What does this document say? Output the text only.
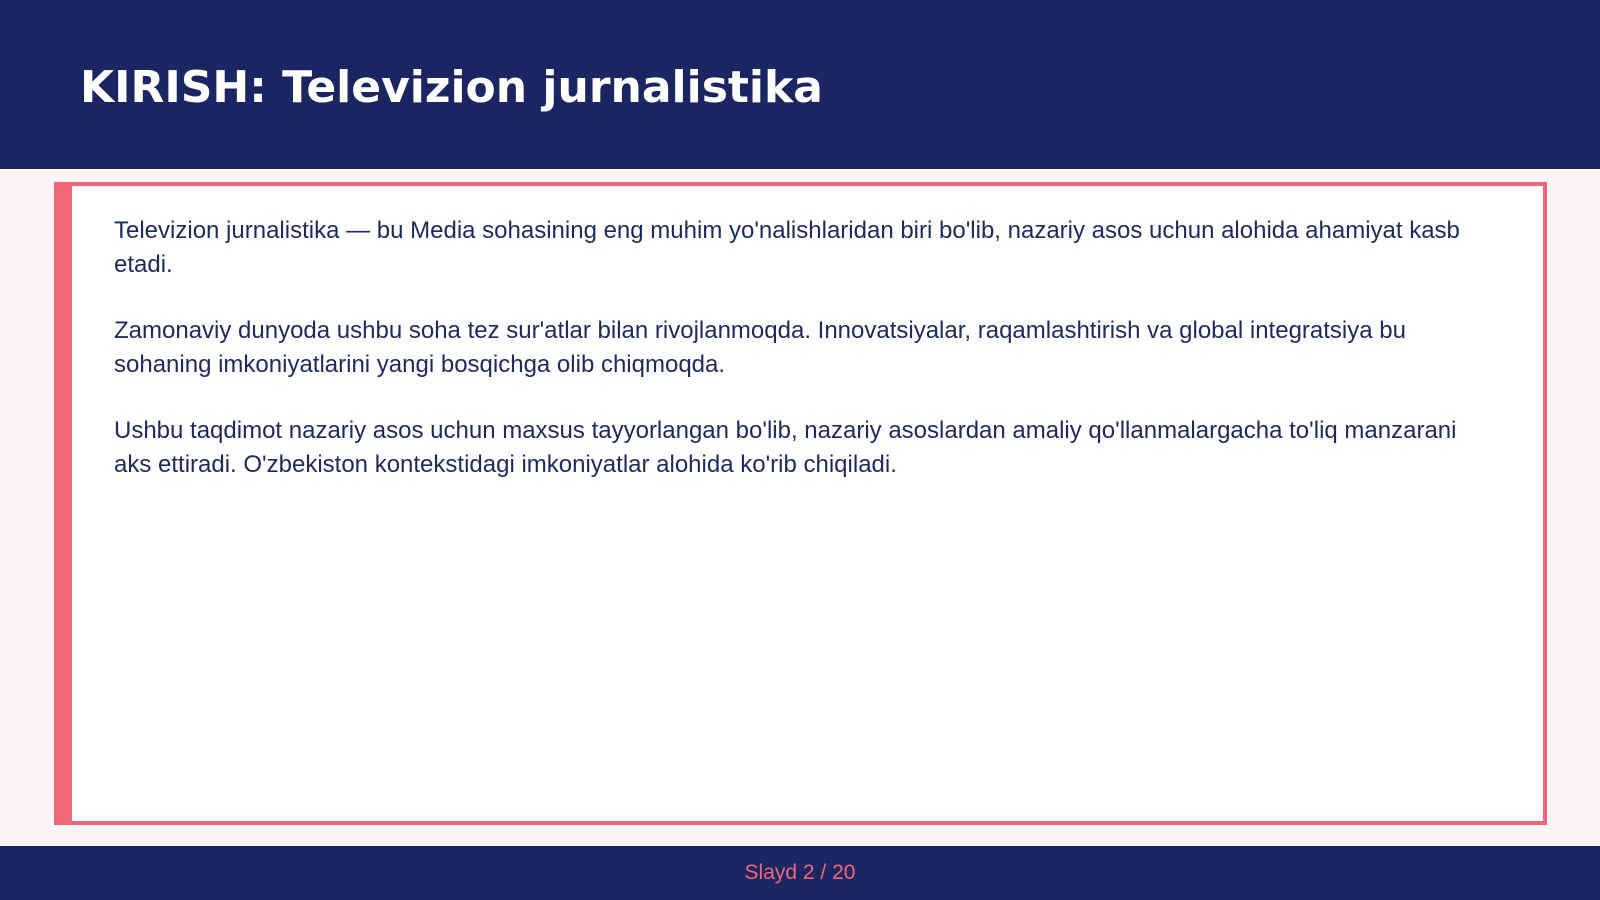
KIRISH: Televizion jurnalistika

Televizion jurnalistika — bu Media sohasining eng muhim yo'nalishlaridan biri bo'lib, nazariy asos uchun alohida ahamiyat kasb etadi.

Zamonaviy dunyoda ushbu soha tez sur'atlar bilan rivojlanmoqda. Innovatsiyalar, raqamlashtirish va global integratsiya bu sohaning imkoniyatlarini yangi bosqichga olib chiqmoqda.

Ushbu taqdimot nazariy asos uchun maxsus tayyorlangan bo'lib, nazariy asoslardan amaliy qo'llanmalargacha to'liq manzarani aks ettiradi. O'zbekiston kontekstidagi imkoniyatlar alohida ko'rib chiqiladi.

Slayd 2 / 20
